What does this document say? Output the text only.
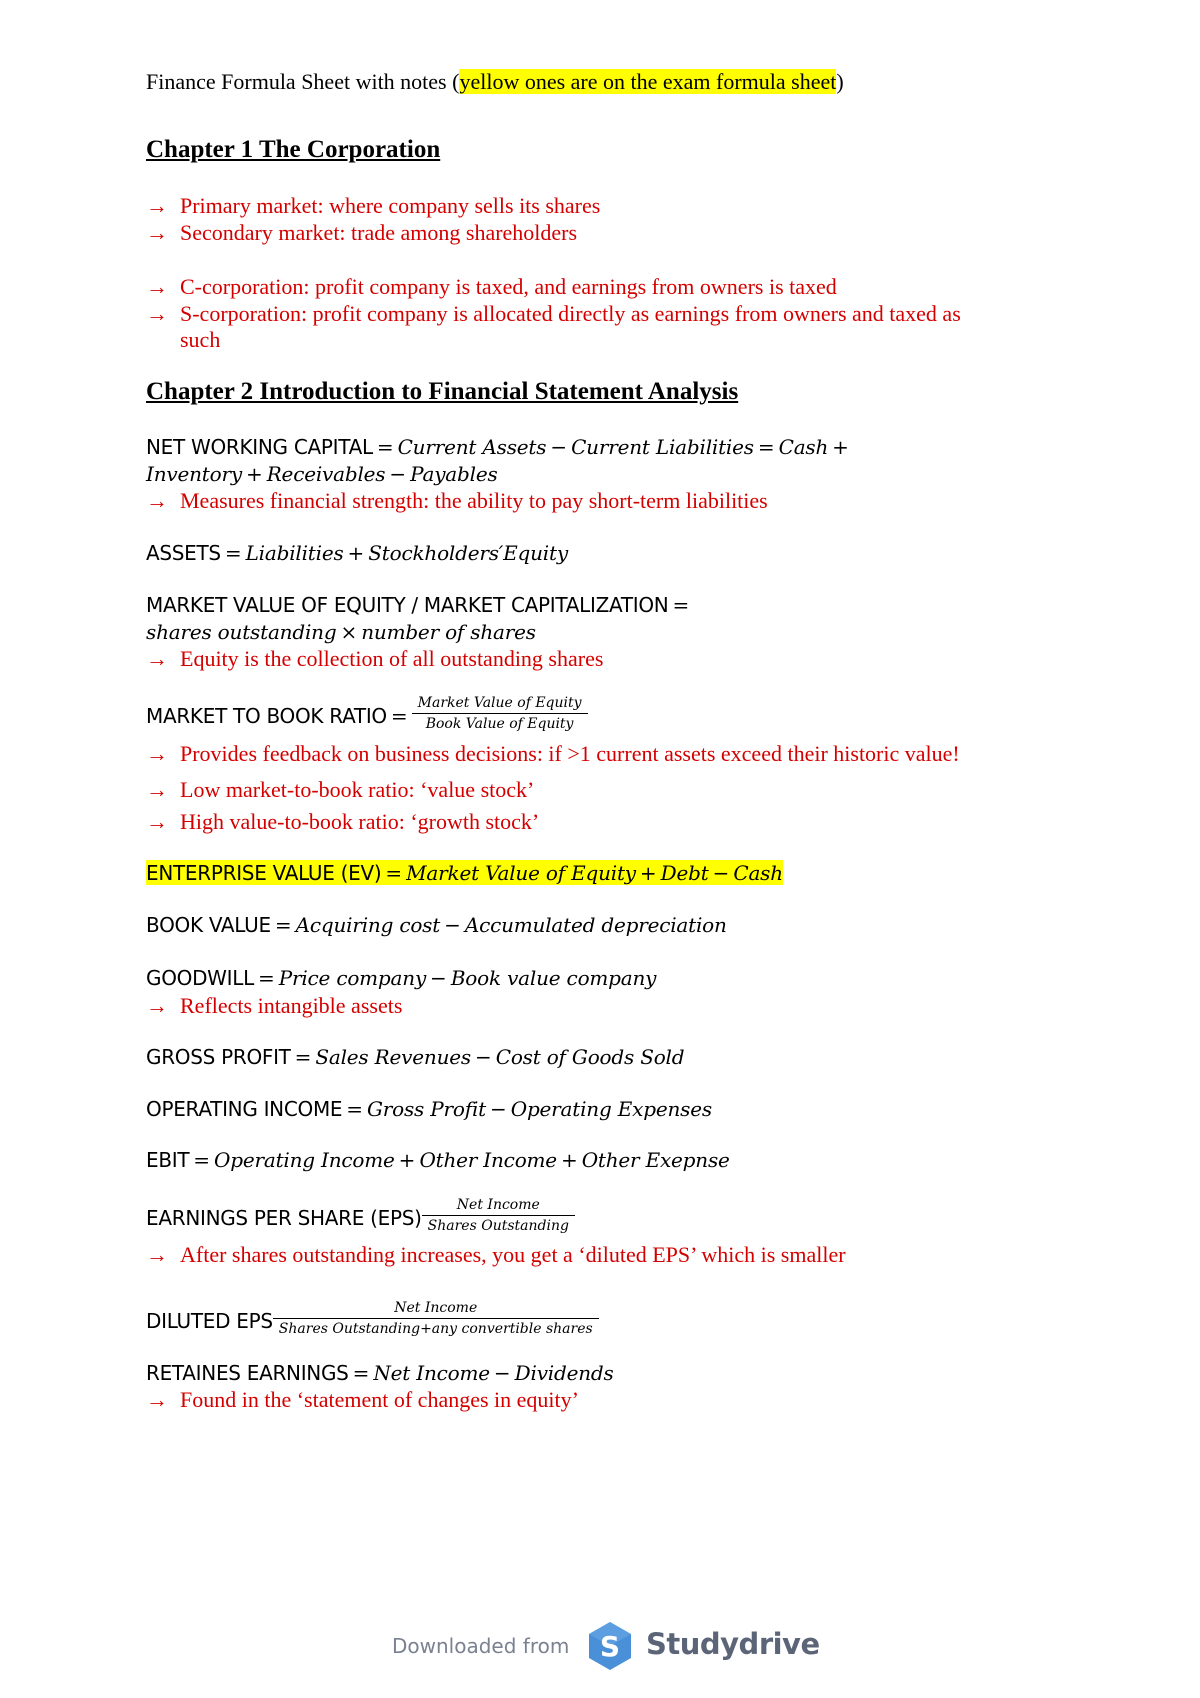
Finance Formula Sheet with notes (yellow ones are on the exam formula sheet)
Chapter 1 The Corporation
→ Primary market: where company sells its shares
→ Secondary market: trade among shareholders
→ C-corporation: profit company is taxed, and earnings from owners is taxed
→ S-corporation: profit company is allocated directly as earnings from owners and taxed as
such
Chapter 2 Introduction to Financial Statement Analysis
NET WORKING CAPITAL = Current Assets − Current Liabilities = Cash +
Inventory + Receivables − Payables
→ Measures financial strength: the ability to pay short-term liabilities
ASSETS = Liabilities + Stockholders′Equity
MARKET VALUE OF EQUITY / MARKET CAPITALIZATION =
shares outstanding × number of shares
→ Equity is the collection of all outstanding shares
MARKET TO BOOK RATIO = $\frac{\text{Market Value of Equity}}{\text{Book Value of Equity}}$
→ Provides feedback on business decisions: if >1 current assets exceed their historic value!
→ Low market-to-book ratio: ‘value stock’
→ High value-to-book ratio: ‘growth stock’
ENTERPRISE VALUE (EV) = Market Value of Equity + Debt − Cash
BOOK VALUE = Acquiring cost − Accumulated depreciation
GOODWILL = Price company − Book value company
→ Reflects intangible assets
GROSS PROFIT = Sales Revenues − Cost of Goods Sold
OPERATING INCOME = Gross Profit − Operating Expenses
EBIT = Operating Income + Other Income + Other Exepnse
EARNINGS PER SHARE $(EPS) \frac{\text{Net Income}}{\text{Shares Outstanding}}$
→ After shares outstanding increases, you get a ‘diluted EPS’ which is smaller
DILUTED EPS $\frac{\text{Net Income}}{\text{Shares Outstanding+any convertible shares}}$
RETAINES EARNINGS = Net Income − Dividends
→ Found in the ‘statement of changes in equity’
Downloaded from S Studydrive
